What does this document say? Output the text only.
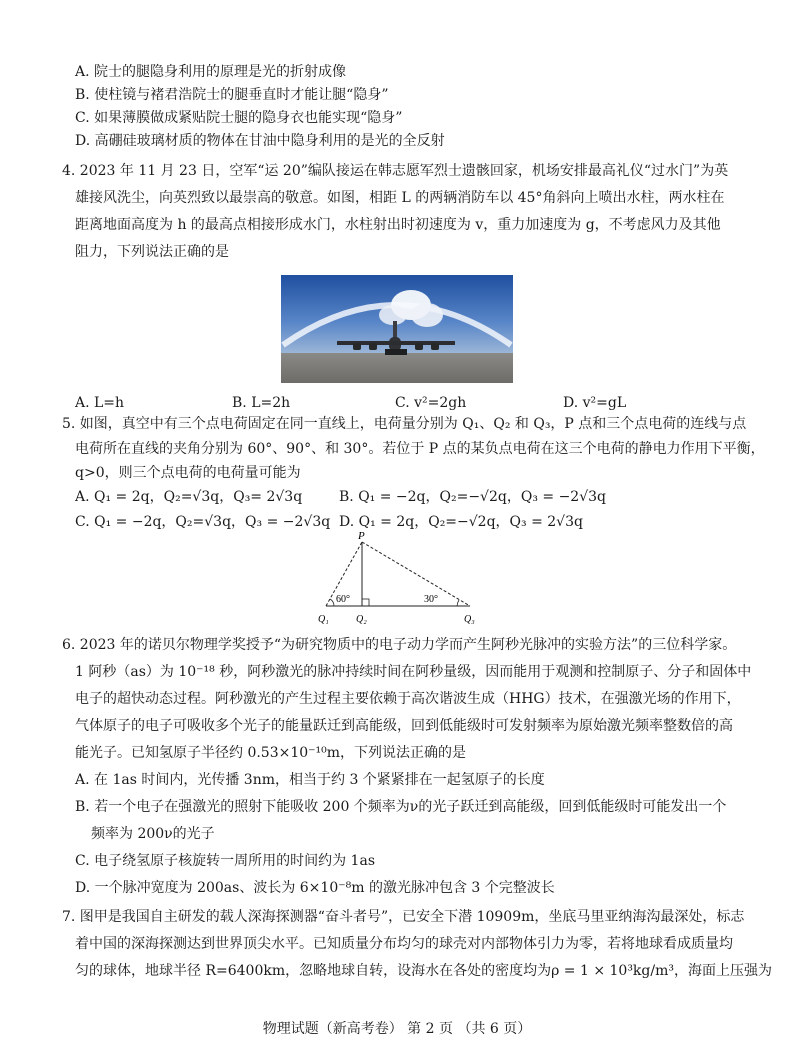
A. 院士的腿隐身利用的原理是光的折射成像
B. 使柱镜与褚君浩院士的腿垂直时才能让腿“隐身”
C. 如果薄膜做成紧贴院士腿的隐身衣也能实现“隐身”
D. 高硼硅玻璃材质的物体在甘油中隐身利用的是光的全反射
4. 2023 年 11 月 23 日，空军“运 20”编队接运在韩志愿军烈士遗骸回家，机场安排最高礼仪“过水门”为英
雄接风洗尘，向英烈致以最崇高的敬意。如图，相距 L 的两辆消防车以 45°角斜向上喷出水柱，两水柱在
距离地面高度为 h 的最高点相接形成水门，水柱射出时初速度为 v，重力加速度为 g，不考虑风力及其他
阻力，下列说法正确的是
A. L=h	B. L=2h	C. v²=2gh	D. v²=gL
5. 如图，真空中有三个点电荷固定在同一直线上，电荷量分别为 Q₁、Q₂ 和 Q₃，P 点和三个点电荷的连线与点
电荷所在直线的夹角分别为 60°、90°、和 30°。若位于 P 点的某负点电荷在这三个电荷的静电力作用下平衡，
q>0，则三个点电荷的电荷量可能为
A. Q₁ = 2q，Q₂=√3q，Q₃= 2√3q	B. Q₁ = −2q，Q₂=−√2q，Q₃ = −2√3q
C. Q₁ = −2q，Q₂=√3q，Q₃ = −2√3q D. Q₁ = 2q，Q₂=−√2q，Q₃ = 2√3q
P
60°	30°
Q₁	Q₂	Q₃
6. 2023 年的诺贝尔物理学奖授予“为研究物质中的电子动力学而产生阿秒光脉冲的实验方法”的三位科学家。
1 阿秒（as）为 10⁻¹⁸ 秒，阿秒激光的脉冲持续时间在阿秒量级，因而能用于观测和控制原子、分子和固体中
电子的超快动态过程。阿秒激光的产生过程主要依赖于高次谐波生成（HHG）技术，在强激光场的作用下，
气体原子的电子可吸收多个光子的能量跃迁到高能级，回到低能级时可发射频率为原始激光频率整数倍的高
能光子。已知氢原子半径约 0.53×10⁻¹⁰m，下列说法正确的是
A. 在 1as 时间内，光传播 3nm，相当于约 3 个紧紧排在一起氢原子的长度
B. 若一个电子在强激光的照射下能吸收 200 个频率为ν的光子跃迁到高能级，回到低能级时可能发出一个
频率为 200ν的光子
C. 电子绕氢原子核旋转一周所用的时间约为 1as
D. 一个脉冲宽度为 200as、波长为 6×10⁻⁸m 的激光脉冲包含 3 个完整波长
7. 图甲是我国自主研发的载人深海探测器“奋斗者号”，已安全下潜 10909m，坐底马里亚纳海沟最深处，标志
着中国的深海探测达到世界顶尖水平。已知质量分布均匀的球壳对内部物体引力为零，若将地球看成质量均
匀的球体，地球半径 R=6400km，忽略地球自转，设海水在各处的密度均为ρ = 1 × 10³kg/m³，海面上压强为
物理试题（新高考卷） 第 2 页 （共 6 页）
